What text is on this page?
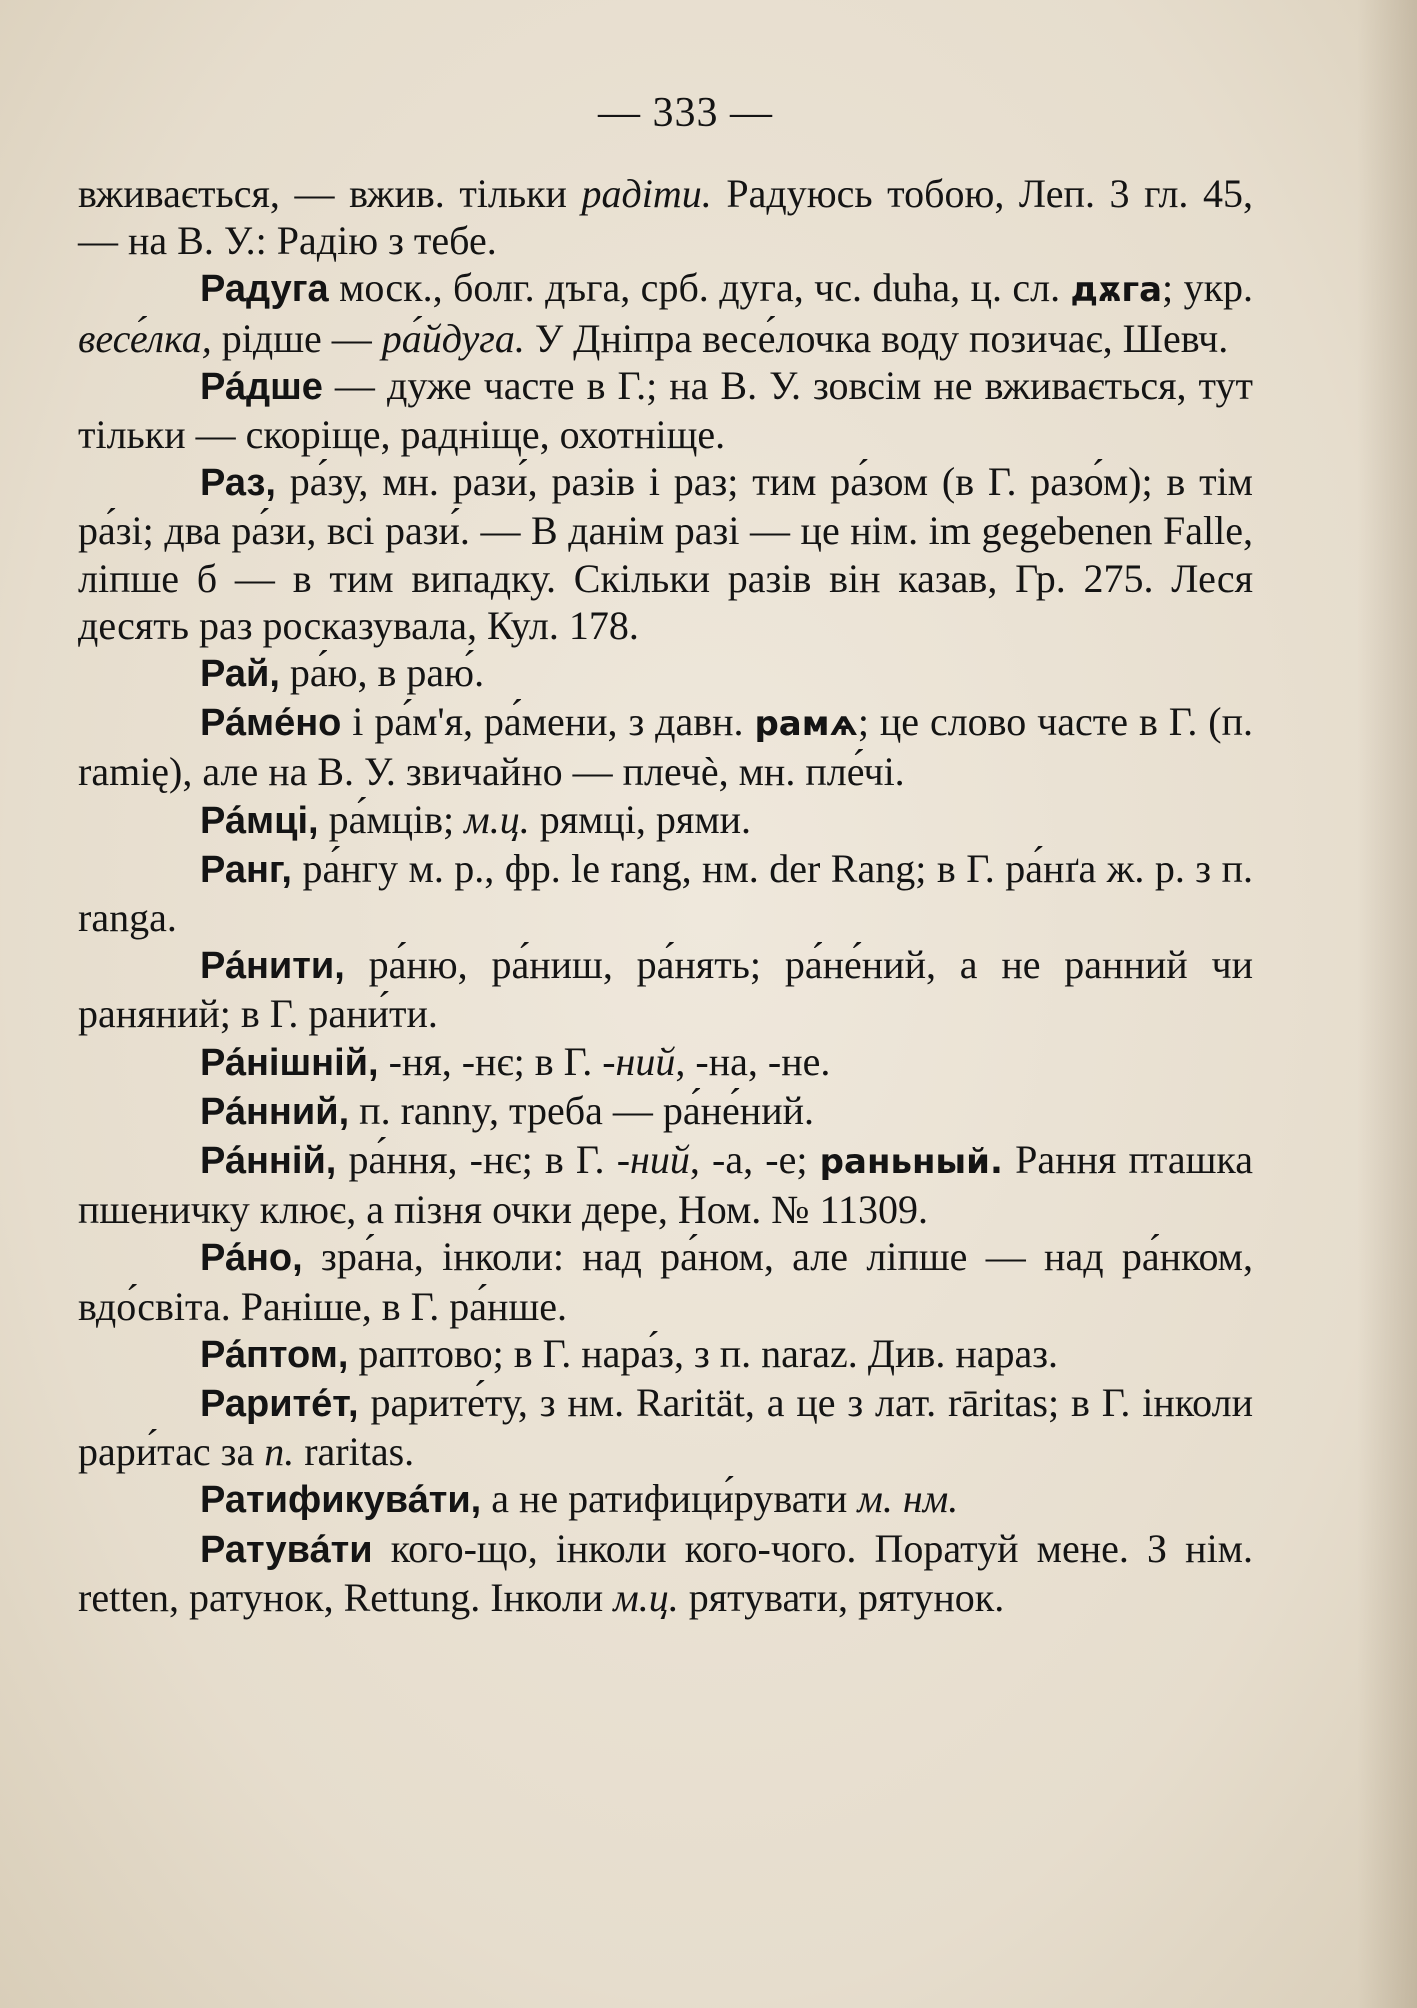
— 333 —

вживається, — вжив. тільки радіти. Радуюсь тобою, Леп. 3 гл. 45, — на В. У.: Радію з тебе.

Радуга моск., болг. дъга, срб. дуга, чс. duha, ц. сл. дѫга; укр. весе́лка, рідше — ра́йдуга. У Дніпра весе́лочка воду позичає, Шевч.

Ра́дше — дуже часте в Г.; на В. У. зовсім не вживається, тут тільки — скоріще, радніще, охотніще.

Раз, ра́зу, мн. рази́, разів і раз; тим ра́зом (в Г. разо́м); в тім ра́зі; два ра́зи, всі рази́. — В данім разі — це нім. im gegebenen Falle, ліпше б — в тим випадку. Скільки разів він казав, Гр. 275. Леся десять раз росказувала, Кул. 178.

Рай, ра́ю, в раю́.

Ра́ме́но і ра́м'я, ра́мени, з давн. рамѧ; це слово часте в Г. (п. ramię), але на В. У. звичайно — плечѐ, мн. пле́чі.

Ра́мці, ра́мців; м.ц. рямці, рями.

Ранг, ра́нгу м. р., фр. le rang, нм. der Rang; в Г. ра́нґа ж. р. з п. ranga.

Ра́нити, ра́ню, ра́ниш, ра́нять; ра́не́ний, а не ранний чи раняний; в Г. рани́ти.

Ра́нішній, -ня, -нє; в Г. -ний, -на, -не.

Ра́нний, п. ranny, треба — ра́не́ний.

Ра́нній, ра́ння, -нє; в Г. -ний, -а, -е; раньный. Рання пташка пшеничку клює, а пізня очки дере, Ном. № 11309.

Ра́но, зра́на, інколи: над ра́ном, але ліпше — над ра́нком, вдо́світа. Раніше, в Г. ра́нше.

Ра́птом, раптово; в Г. нара́з, з п. naraz. Див. нараз.

Рарите́т, рарите́ту, з нм. Rarität, а це з лат. rāritas; в Г. інколи рари́тас за п. raritas.

Ратификува́ти, а не ратифици́рувати м. нм.

Ратува́ти кого-що, інколи кого-чого. Поратуй мене. З нім. retten, ратунок, Rettung. Інколи м.ц. рятувати, рятунок.
